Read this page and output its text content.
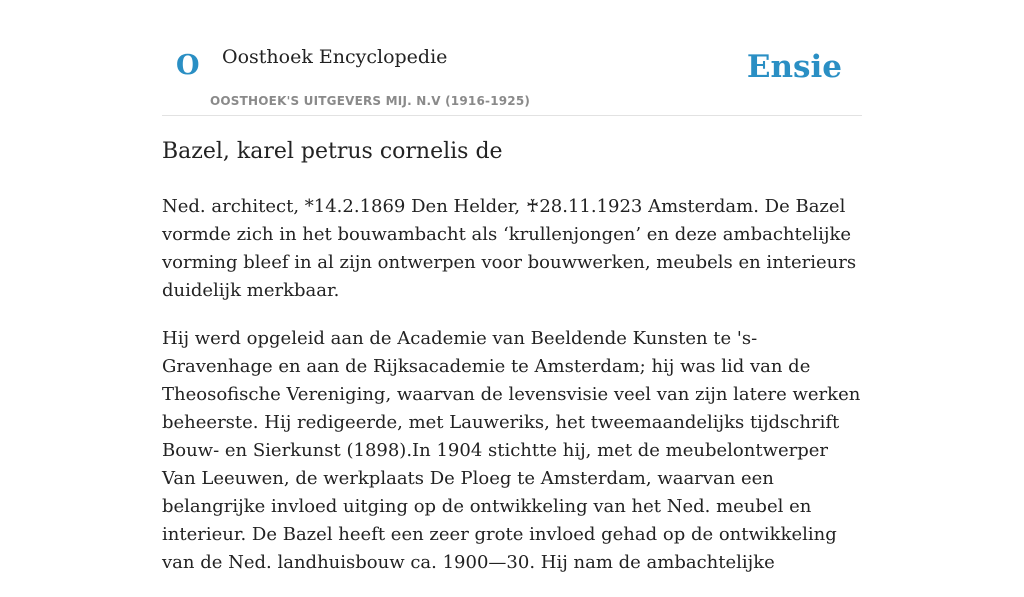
O Oosthoek Encyclopedie
OOSTHOEK'S UITGEVERS MIJ. N.V (1916-1925)
Ensie
Bazel, karel petrus cornelis de

Ned. architect, *14.2.1869 Den Helder, ♰28.11.1923 Amsterdam. De Bazel vormde zich in het bouwambacht als ‘krullenjongen’ en deze ambachtelijke vorming bleef in al zijn ontwerpen voor bouwwerken, meubels en interieurs duidelijk merkbaar.

Hij werd opgeleid aan de Academie van Beeldende Kunsten te 's-Gravenhage en aan de Rijksacademie te Amsterdam; hij was lid van de Theosofische Vereniging, waarvan de levensvisie veel van zijn latere werken beheerste. Hij redigeerde, met Lauweriks, het tweemaandelijks tijdschrift Bouw- en Sierkunst (1898).In 1904 stichtte hij, met de meubelontwerper Van Leeuwen, de werkplaats De Ploeg te Amsterdam, waarvan een belangrijke invloed uitging op de ontwikkeling van het Ned. meubel en interieur. De Bazel heeft een zeer grote invloed gehad op de ontwikkeling van de Ned. landhuisbouw ca. 1900—30. Hij nam de ambachtelijke
